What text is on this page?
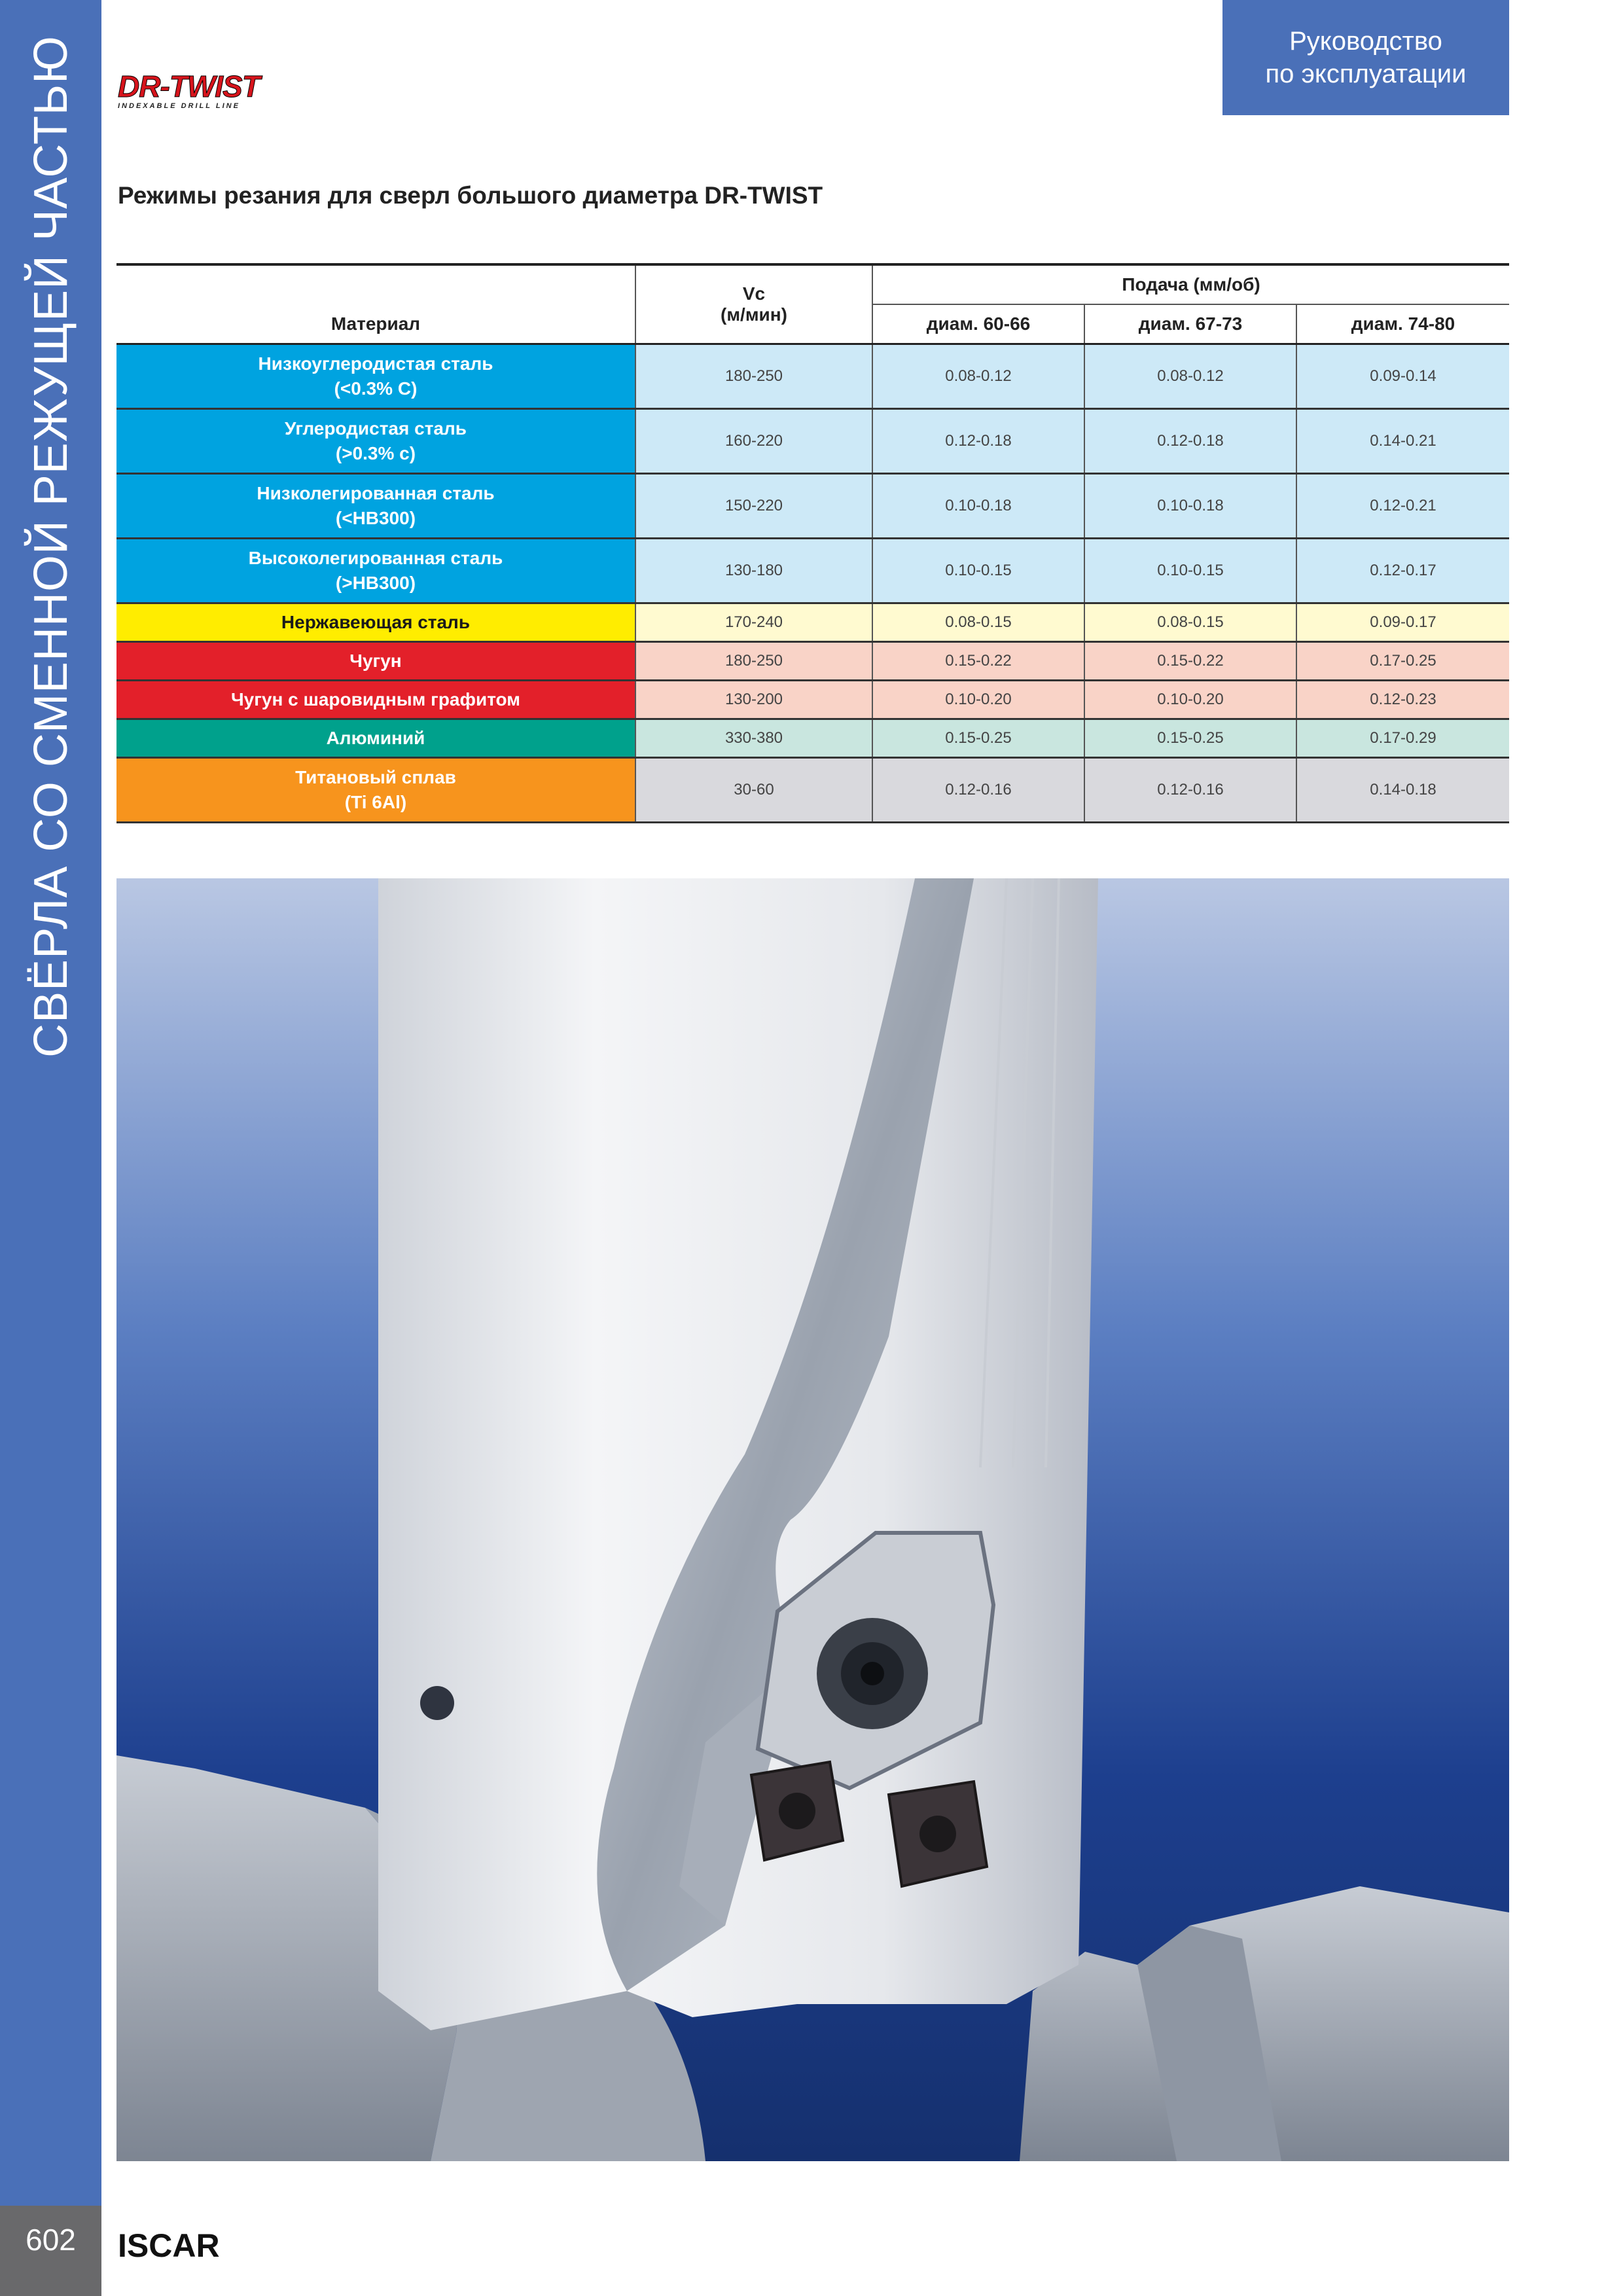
СВЁРЛА СО СМЕННОЙ РЕЖУЩЕЙ ЧАСТЬЮ
602
Руководство
по эксплуатации
DR-TWIST
INDEXABLE DRILL LINE
Режимы резания для сверл большого диаметра DR-TWIST

	Vc
(м/мин)	Подача (мм/об)		
Материал		диам. 60-66	диам. 67-73	диам. 74-80

Низкоуглеродистая сталь
(<0.3% C)	180-250	0.08-0.12	0.08-0.12	0.09-0.14

Углеродистая сталь
(>0.3% c)	160-220	0.12-0.18	0.12-0.18	0.14-0.21

Низколегированная сталь
(<HB300)	150-220	0.10-0.18	0.10-0.18	0.12-0.21

Высоколегированная сталь
(>HB300)	130-180	0.10-0.15	0.10-0.15	0.12-0.17

Нержавеющая сталь	170-240	0.08-0.15	0.08-0.15	0.09-0.17

Чугун	180-250	0.15-0.22	0.15-0.22	0.17-0.25

Чугун с шаровидным графитом	130-200	0.10-0.20	0.10-0.20	0.12-0.23

Алюминий	330-380	0.15-0.25	0.15-0.25	0.17-0.29

Титановый сплав
(Ti 6Al)	30-60	0.12-0.16	0.12-0.16	0.14-0.18
ISCAR
